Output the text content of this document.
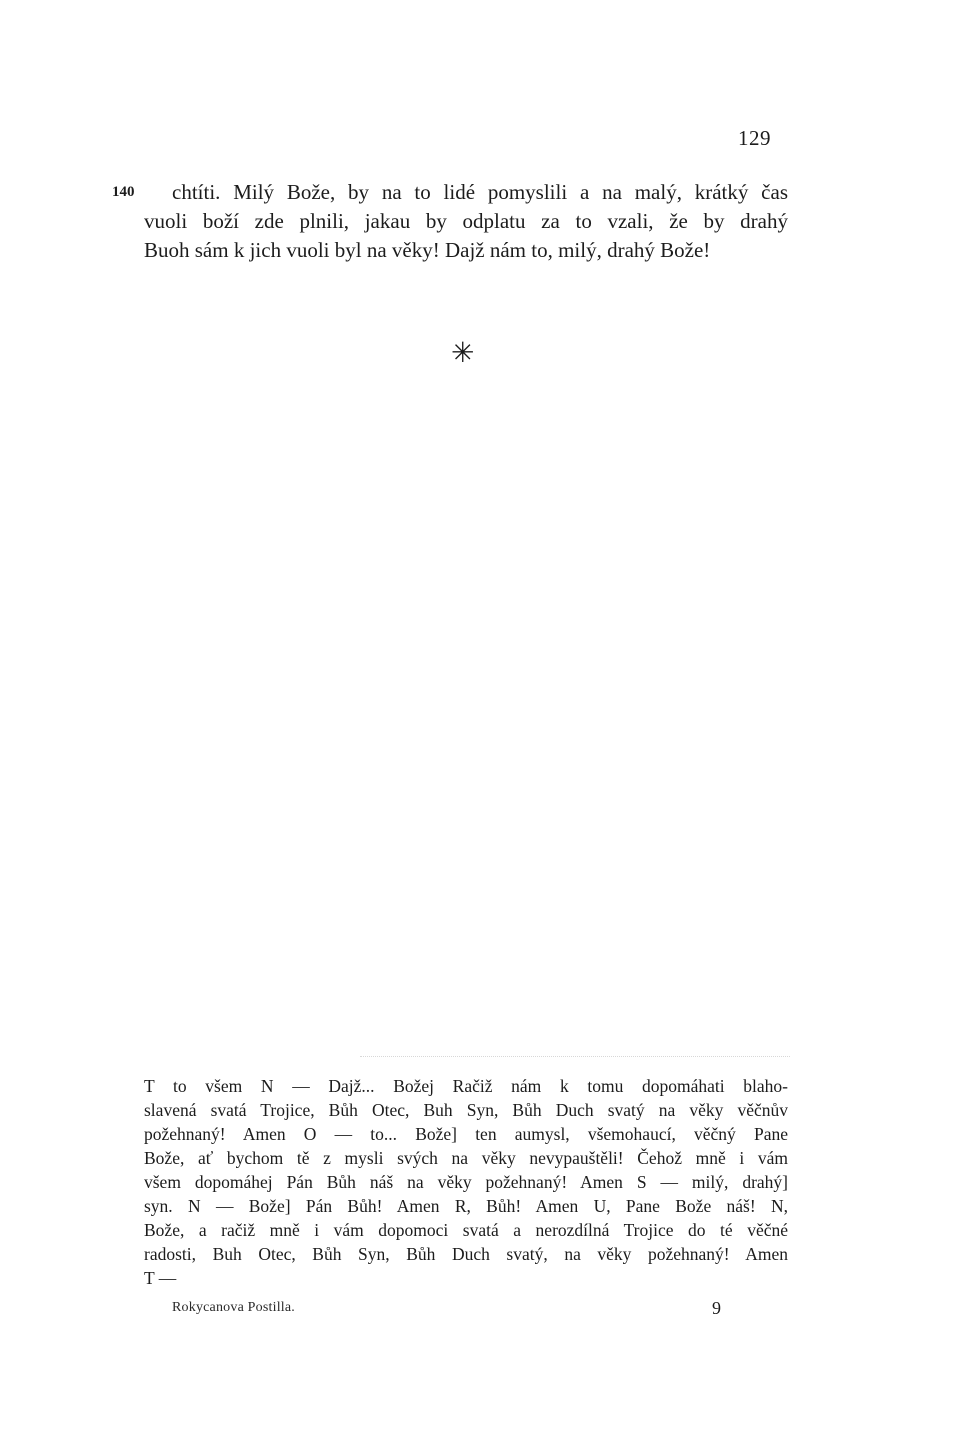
129
140 chtíti. Milý Bože, by na to lidé pomyslili a na malý, krátký čas
vuoli boží zde plnili, jakau by odplatu za to vzali, že by drahý
Buoh sám k jich vuoli byl na věky! Dajž nám to, milý, drahý Bože!
✳
T to všem N — Dajž... Božej Račiž nám k tomu dopomáhati blaho-
slavená svatá Trojice, Bůh Otec, Buh Syn, Bůh Duch svatý na věky věčnův
požehnaný! Amen O — to... Bože] ten aumysl, všemohaucí, věčný Pane
Bože, ať bychom tě z mysli svých na věky nevypauštěli! Čehož mně i vám
všem dopomáhej Pán Bůh náš na věky požehnaný! Amen S — milý, drahý]
syn. N — Bože] Pán Bůh! Amen R, Bůh! Amen U, Pane Bože náš! N,
Bože, a račiž mně i vám dopomoci svatá a nerozdílná Trojice do té věčné
radosti, Buh Otec, Bůh Syn, Bůh Duch svatý, na věky požehnaný! Amen
T —
Rokycanova Postilla.	9
